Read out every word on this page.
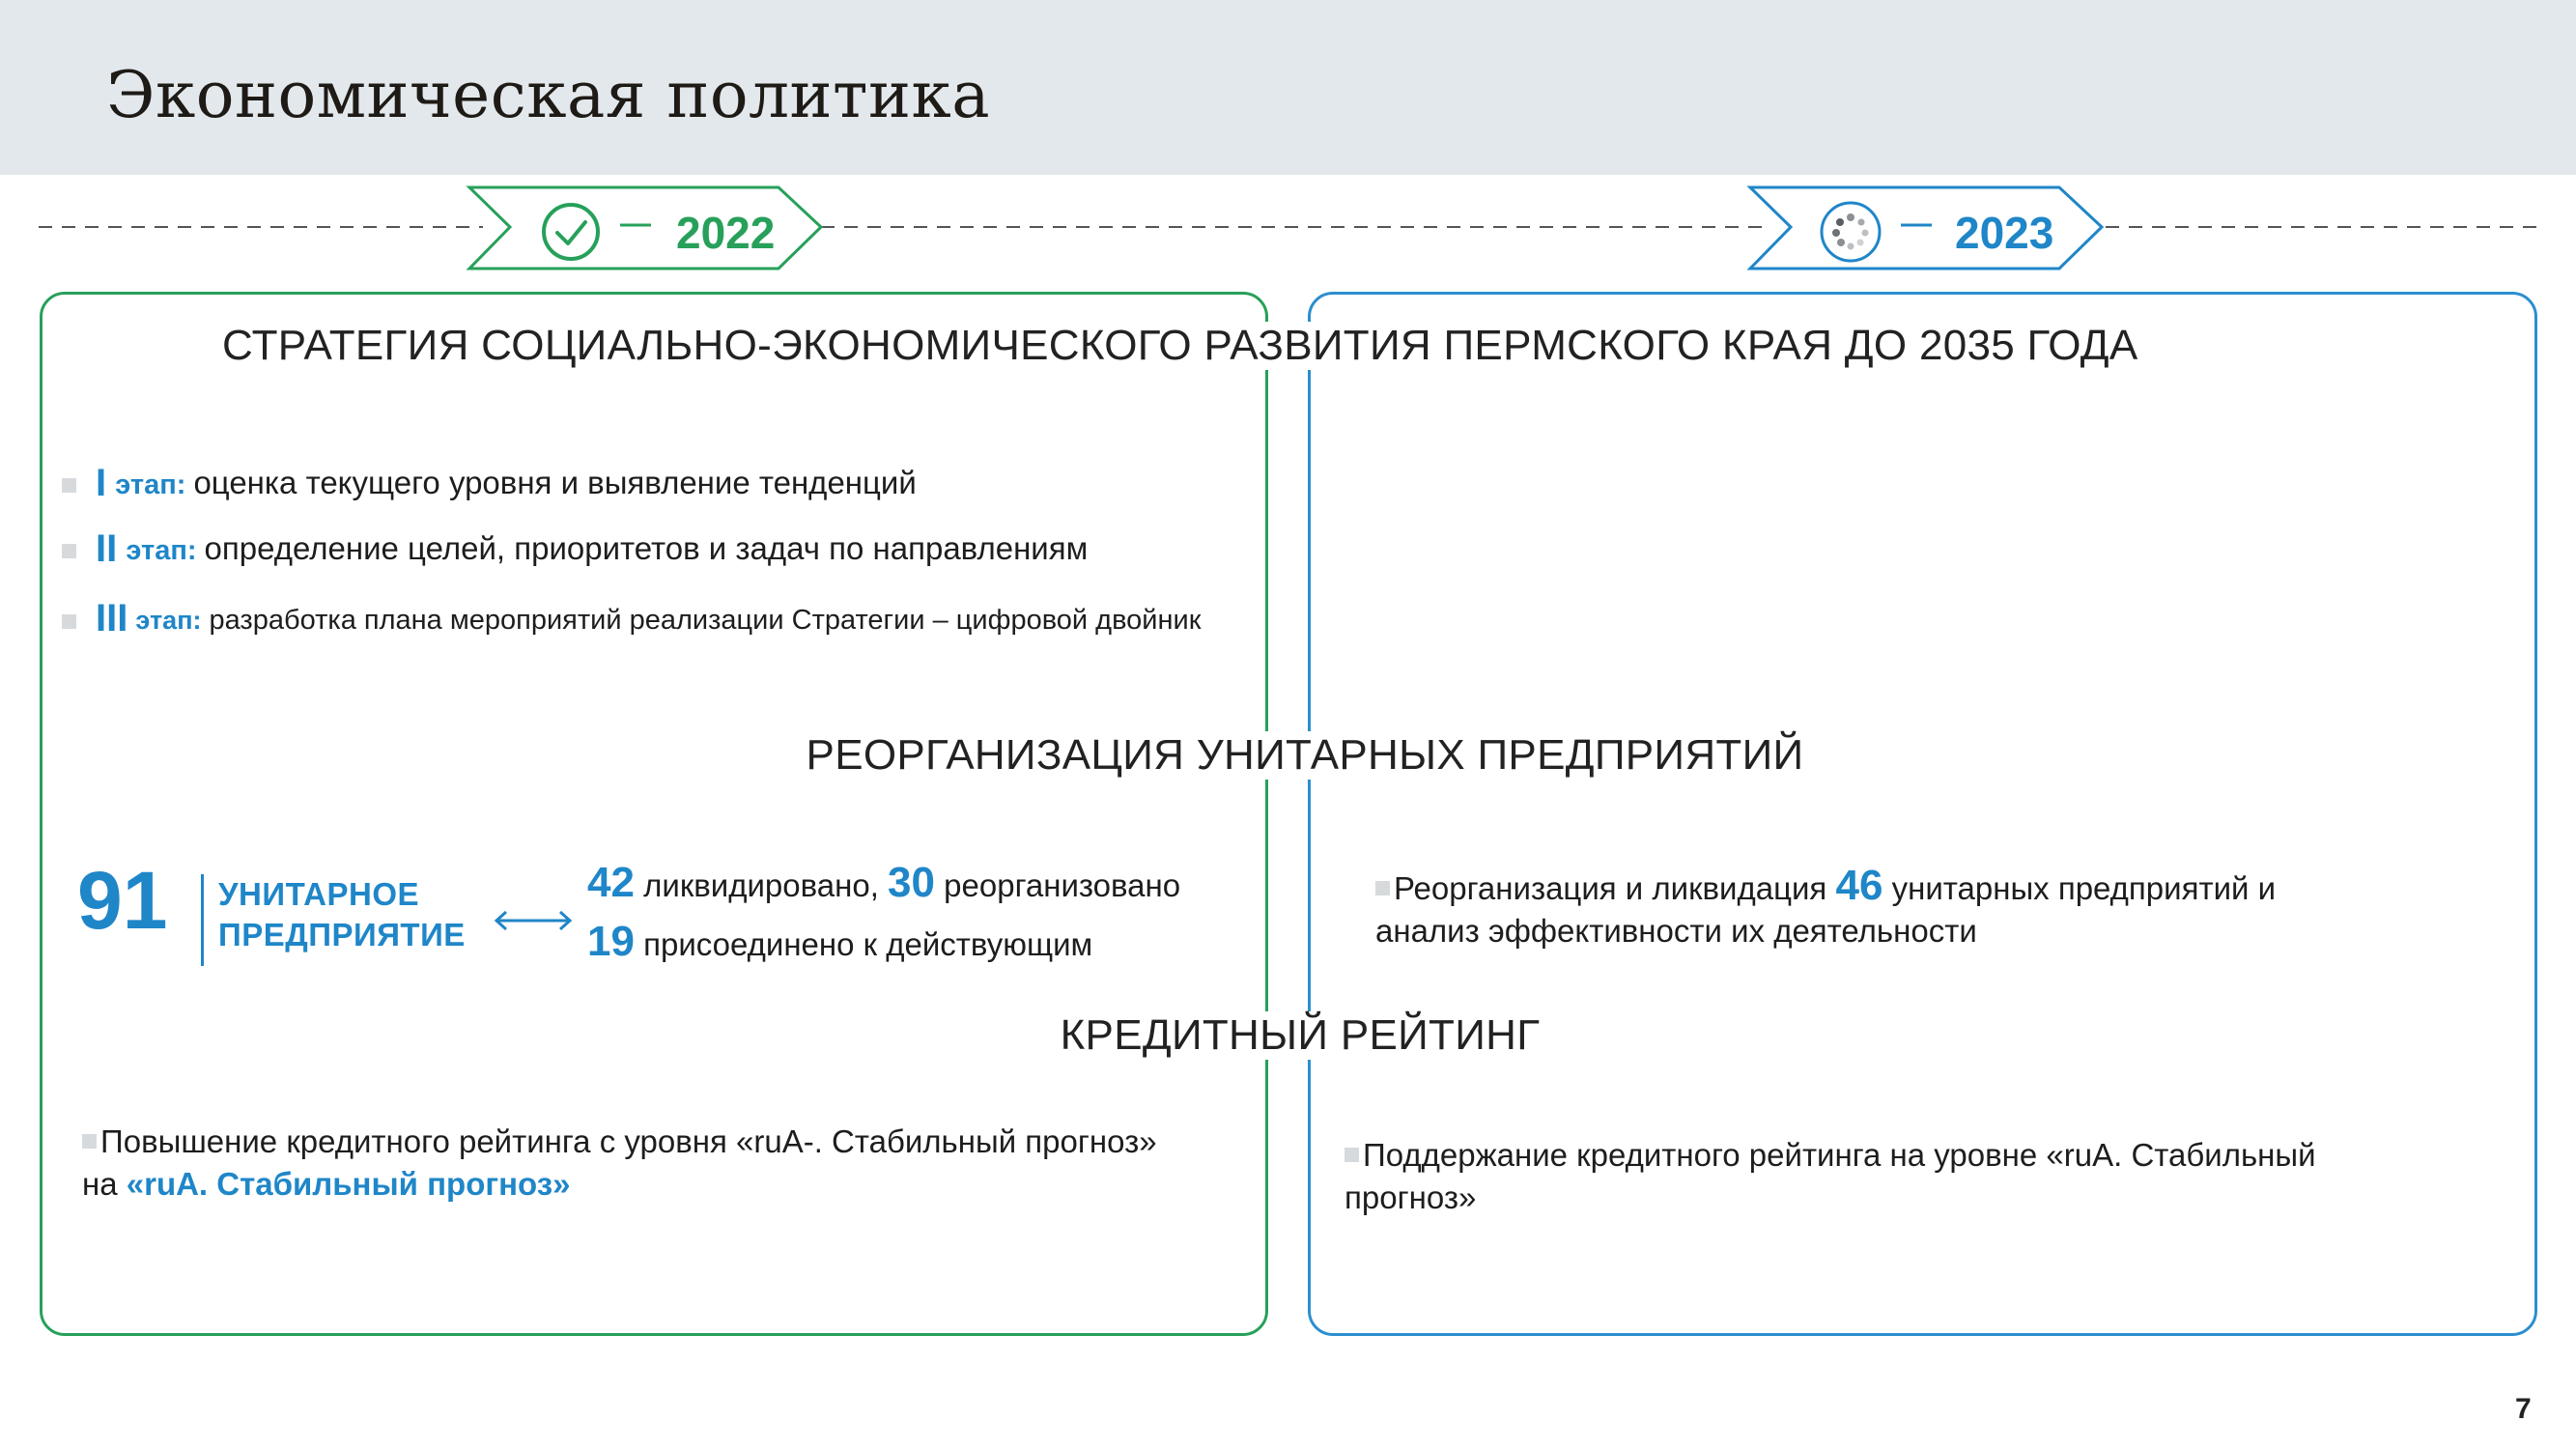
Экономическая политика
2022	2023
СТРАТЕГИЯ СОЦИАЛЬНО-ЭКОНОМИЧЕСКОГО РАЗВИТИЯ ПЕРМСКОГО КРАЯ ДО 2035 ГОДА
РЕОРГАНИЗАЦИЯ УНИТАРНЫХ ПРЕДПРИЯТИЙ
КРЕДИТНЫЙ РЕЙТИНГ
I этап: оценка текущего уровня и выявление тенденций
II этап: определение целей, приоритетов и задач по направлениям
III этап: разработка плана мероприятий реализации Стратегии – цифровой двойник
91 УНИТАРНОЕ
ПРЕДПРИЯТИЕ
42 ликвидировано, 30 реорганизовано
19 присоединено к действующим
Реорганизация и ликвидация 46 унитарных предприятий и
анализ эффективности их деятельности
Повышение кредитного рейтинга с уровня «ruA-. Стабильный прогноз»
на «ruA. Стабильный прогноз»
Поддержание кредитного рейтинга на уровне «ruA. Стабильный
прогноз»
7
